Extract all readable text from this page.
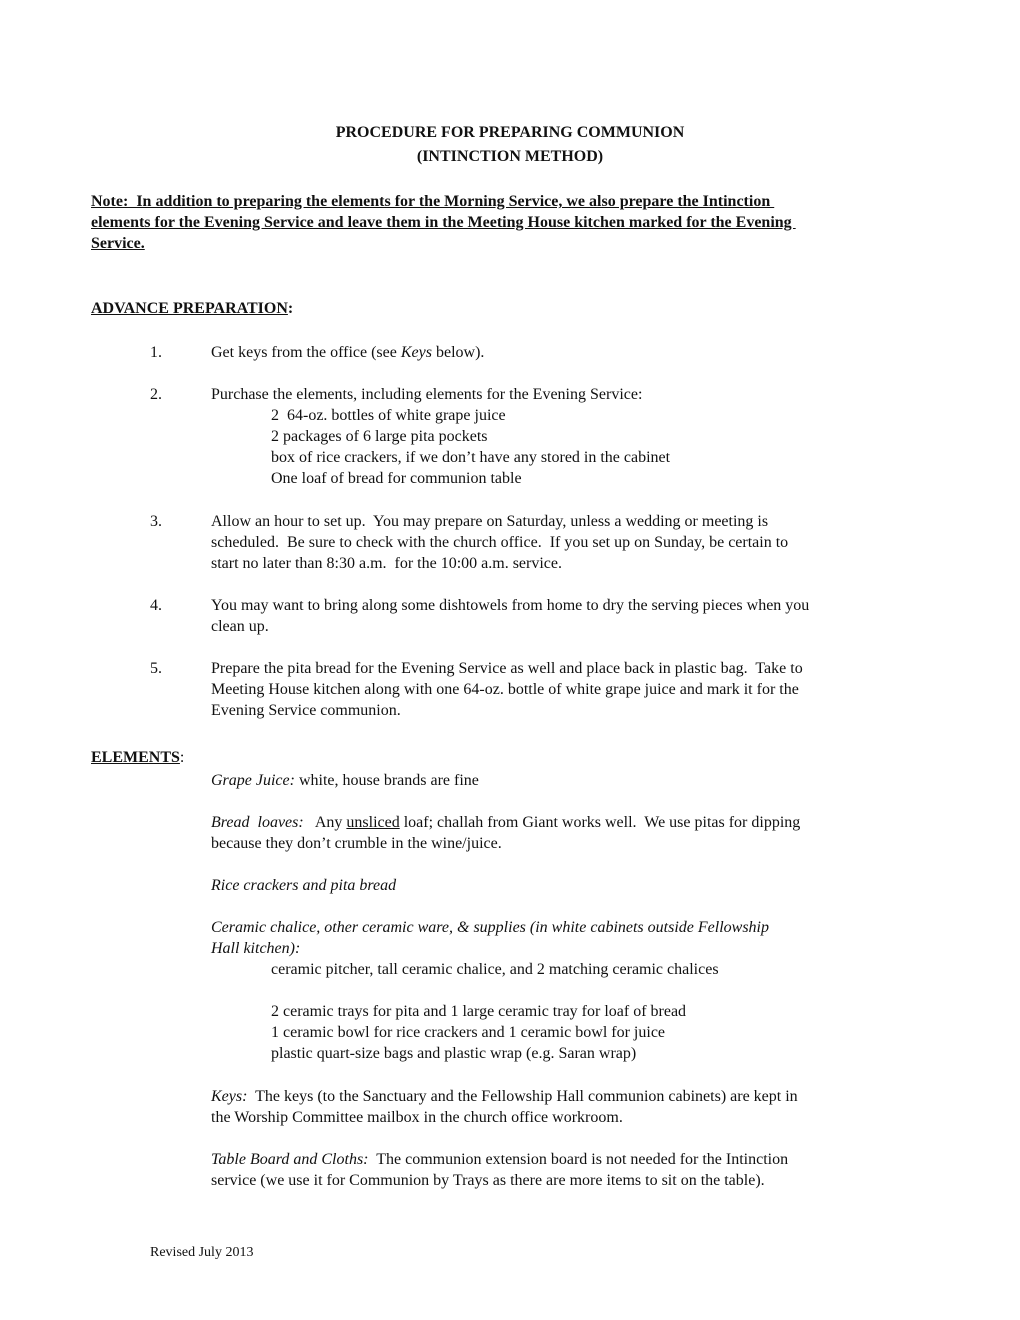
PROCEDURE FOR PREPARING COMMUNION
(INTINCTION METHOD)
Note:  In addition to preparing the elements for the Morning Service, we also prepare the Intinction
elements for the Evening Service and leave them in the Meeting House kitchen marked for the Evening
Service.
ADVANCE PREPARATION:
1.	Get keys from the office (see Keys below).
2.	Purchase the elements, including elements for the Evening Service:
2  64-oz. bottles of white grape juice
2 packages of 6 large pita pockets
box of rice crackers, if we don’t have any stored in the cabinet
One loaf of bread for communion table
3.	Allow an hour to set up.  You may prepare on Saturday, unless a wedding or meeting is
scheduled.  Be sure to check with the church office.  If you set up on Sunday, be certain to
start no later than 8:30 a.m.  for the 10:00 a.m. service.
4.	You may want to bring along some dishtowels from home to dry the serving pieces when you
clean up.
5.	Prepare the pita bread for the Evening Service as well and place back in plastic bag.  Take to
Meeting House kitchen along with one 64-oz. bottle of white grape juice and mark it for the
Evening Service communion.
ELEMENTS:
Grape Juice: white, house brands are fine
Bread  loaves:   Any unsliced loaf; challah from Giant works well.  We use pitas for dipping
because they don’t crumble in the wine/juice.
Rice crackers and pita bread
Ceramic chalice, other ceramic ware, & supplies (in white cabinets outside Fellowship
Hall kitchen):
ceramic pitcher, tall ceramic chalice, and 2 matching ceramic chalices
2 ceramic trays for pita and 1 large ceramic tray for loaf of bread
1 ceramic bowl for rice crackers and 1 ceramic bowl for juice
plastic quart-size bags and plastic wrap (e.g. Saran wrap)
Keys:  The keys (to the Sanctuary and the Fellowship Hall communion cabinets) are kept in
the Worship Committee mailbox in the church office workroom.
Table Board and Cloths:  The communion extension board is not needed for the Intinction
service (we use it for Communion by Trays as there are more items to sit on the table).
Revised July 2013
